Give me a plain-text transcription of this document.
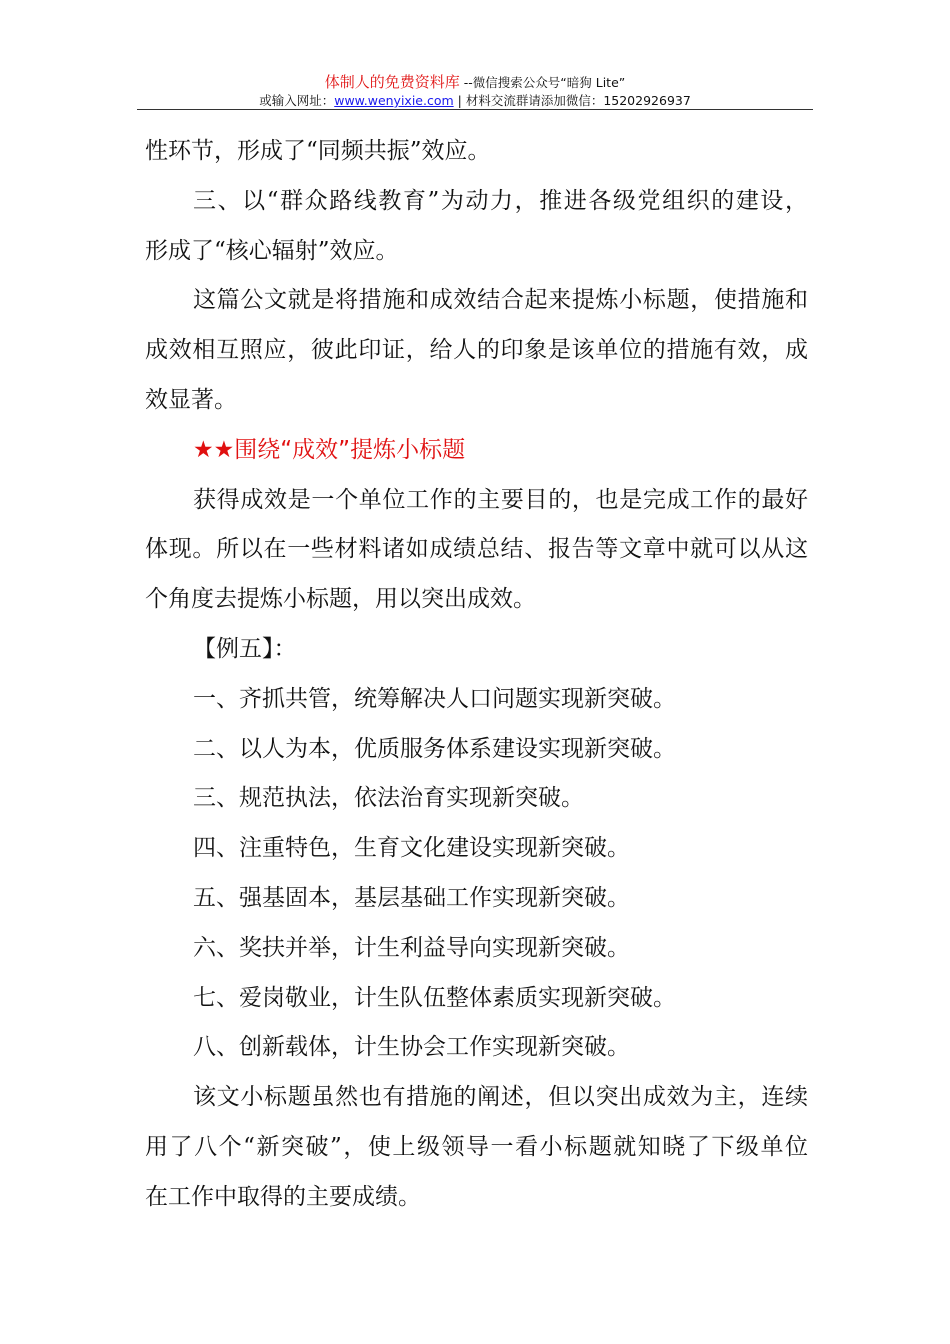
体制人的免费资料库 --微信搜索公众号“暗狗 Lite”
或输入网址：www.wenyixie.com | 材料交流群请添加微信：15202926937
性环节，形成了“同频共振”效应。
三、以“群众路线教育”为动力，推进各级党组织的建设，
形成了“核心辐射”效应。
这篇公文就是将措施和成效结合起来提炼小标题，使措施和
成效相互照应，彼此印证，给人的印象是该单位的措施有效，成
效显著。
★★围绕“成效”提炼小标题
获得成效是一个单位工作的主要目的，也是完成工作的最好
体现。所以在一些材料诸如成绩总结、报告等文章中就可以从这
个角度去提炼小标题，用以突出成效。
【例五】：
一、齐抓共管，统筹解决人口问题实现新突破。
二、以人为本，优质服务体系建设实现新突破。
三、规范执法，依法治育实现新突破。
四、注重特色，生育文化建设实现新突破。
五、强基固本，基层基础工作实现新突破。
六、奖扶并举，计生利益导向实现新突破。
七、爱岗敬业，计生队伍整体素质实现新突破。
八、创新载体，计生协会工作实现新突破。
该文小标题虽然也有措施的阐述，但以突出成效为主，连续
用了八个“新突破”，使上级领导一看小标题就知晓了下级单位
在工作中取得的主要成绩。
